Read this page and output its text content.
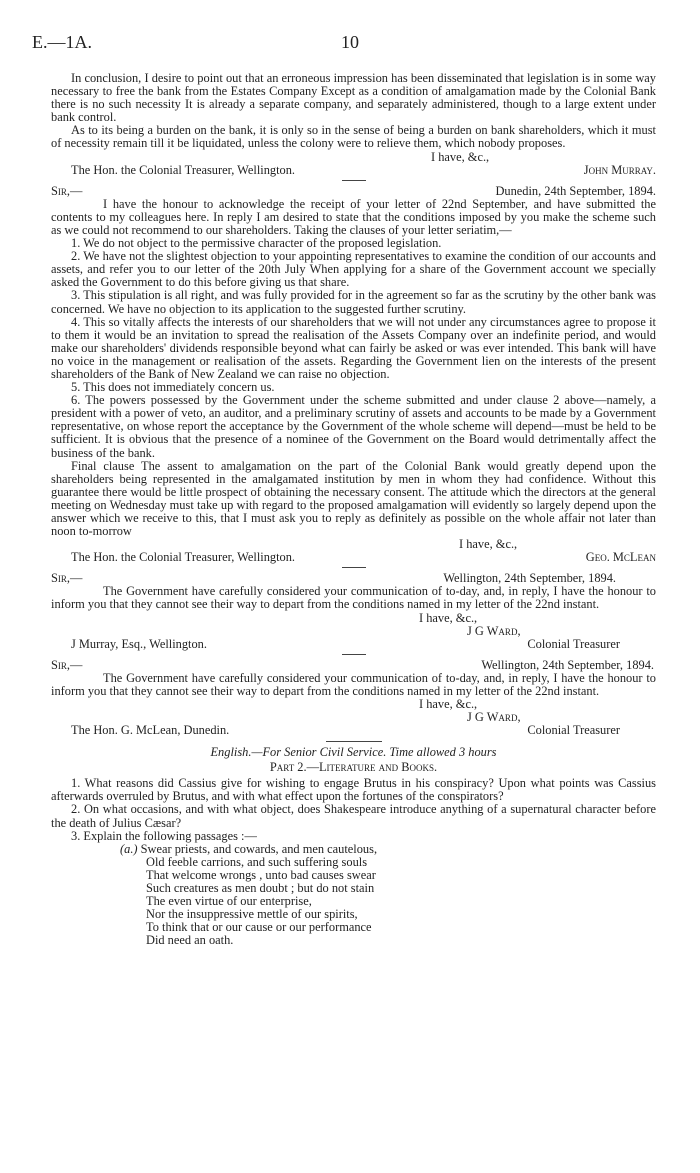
E.—1A.	10

In conclusion, I desire to point out that an erroneous impression has been disseminated that legislation is in some way necessary to free the bank from the Estates Company Except as a condition of amalgamation made by the Colonial Bank there is no such necessity It is already a separate company, and separately administered, though to a large extent under bank control.

As to its being a burden on the bank, it is only so in the sense of being a burden on bank shareholders, which it must of necessity remain till it be liquidated, unless the colony were to relieve them, which nobody proposes.

I have, &c.,
The Hon. the Colonial Treasurer, Wellington.	John Murray.
Sir,—	Dunedin, 24th September, 1894.

I have the honour to acknowledge the receipt of your letter of 22nd September, and have submitted the contents to my colleagues here. In reply I am desired to state that the conditions imposed by you make the scheme such as we could not recommend to our shareholders. Taking the clauses of your letter seriatim,—

1. We do not object to the permissive character of the proposed legislation.

2. We have not the slightest objection to your appointing representatives to examine the condition of our accounts and assets, and refer you to our letter of the 20th July When applying for a share of the Government account we specially asked the Government to do this before giving us that share.

3. This stipulation is all right, and was fully provided for in the agreement so far as the scrutiny by the other bank was concerned. We have no objection to its application to the suggested further scrutiny.

4. This so vitally affects the interests of our shareholders that we will not under any circumstances agree to propose it to them it would be an invitation to spread the realisation of the Assets Company over an indefinite period, and would make our shareholders' dividends responsible beyond what can fairly be asked or was ever intended. This bank will have no voice in the management or realisation of the assets. Regarding the Government lien on the interests of the present shareholders of the Bank of New Zealand we can raise no objection.

5. This does not immediately concern us.

6. The powers possessed by the Government under the scheme submitted and under clause 2 above—namely, a president with a power of veto, an auditor, and a preliminary scrutiny of assets and accounts to be made by a Government representative, on whose report the acceptance by the Government of the whole scheme will depend—must be held to be sufficient. It is obvious that the presence of a nominee of the Government on the Board would detrimentally affect the business of the bank.

Final clause The assent to amalgamation on the part of the Colonial Bank would greatly depend upon the shareholders being represented in the amalgamated institution by men in whom they had confidence. Without this guarantee there would be little prospect of obtaining the necessary consent. The attitude which the directors at the general meeting on Wednesday must take up with regard to the proposed amalgamation will evidently so largely depend upon the answer which we receive to this, that I must ask you to reply as definitely as possible on the whole affair not later than noon to-morrow

I have, &c.,
The Hon. the Colonial Treasurer, Wellington.	Geo. McLean
Sir,—	Wellington, 24th September, 1894.

The Government have carefully considered your communication of to-day, and, in reply, I have the honour to inform you that they cannot see their way to depart from the conditions named in my letter of the 22nd instant.

I have, &c.,
J G Ward,
J Murray, Esq., Wellington.	Colonial Treasurer
Sir,—	Wellington, 24th September, 1894.

The Government have carefully considered your communication of to-day, and, in reply, I have the honour to inform you that they cannot see their way to depart from the conditions named in my letter of the 22nd instant.

I have, &c.,
J G Ward,
The Hon. G. McLean, Dunedin.	Colonial Treasurer

English.—For Senior Civil Service. Time allowed 3 hours

Part 2.—Literature and Books.

1. What reasons did Cassius give for wishing to engage Brutus in his conspiracy? Upon what points was Cassius afterwards overruled by Brutus, and with what effect upon the fortunes of the conspirators?

2. On what occasions, and with what object, does Shakespeare introduce anything of a supernatural character before the death of Julius Cæsar?

3. Explain the following passages :—

(a.) Swear priests, and cowards, and men cautelous,
Old feeble carrions, and such suffering souls
That welcome wrongs , unto bad causes swear
Such creatures as men doubt ; but do not stain
The even virtue of our enterprise,
Nor the insuppressive mettle of our spirits,
To think that or our cause or our performance
Did need an oath.
